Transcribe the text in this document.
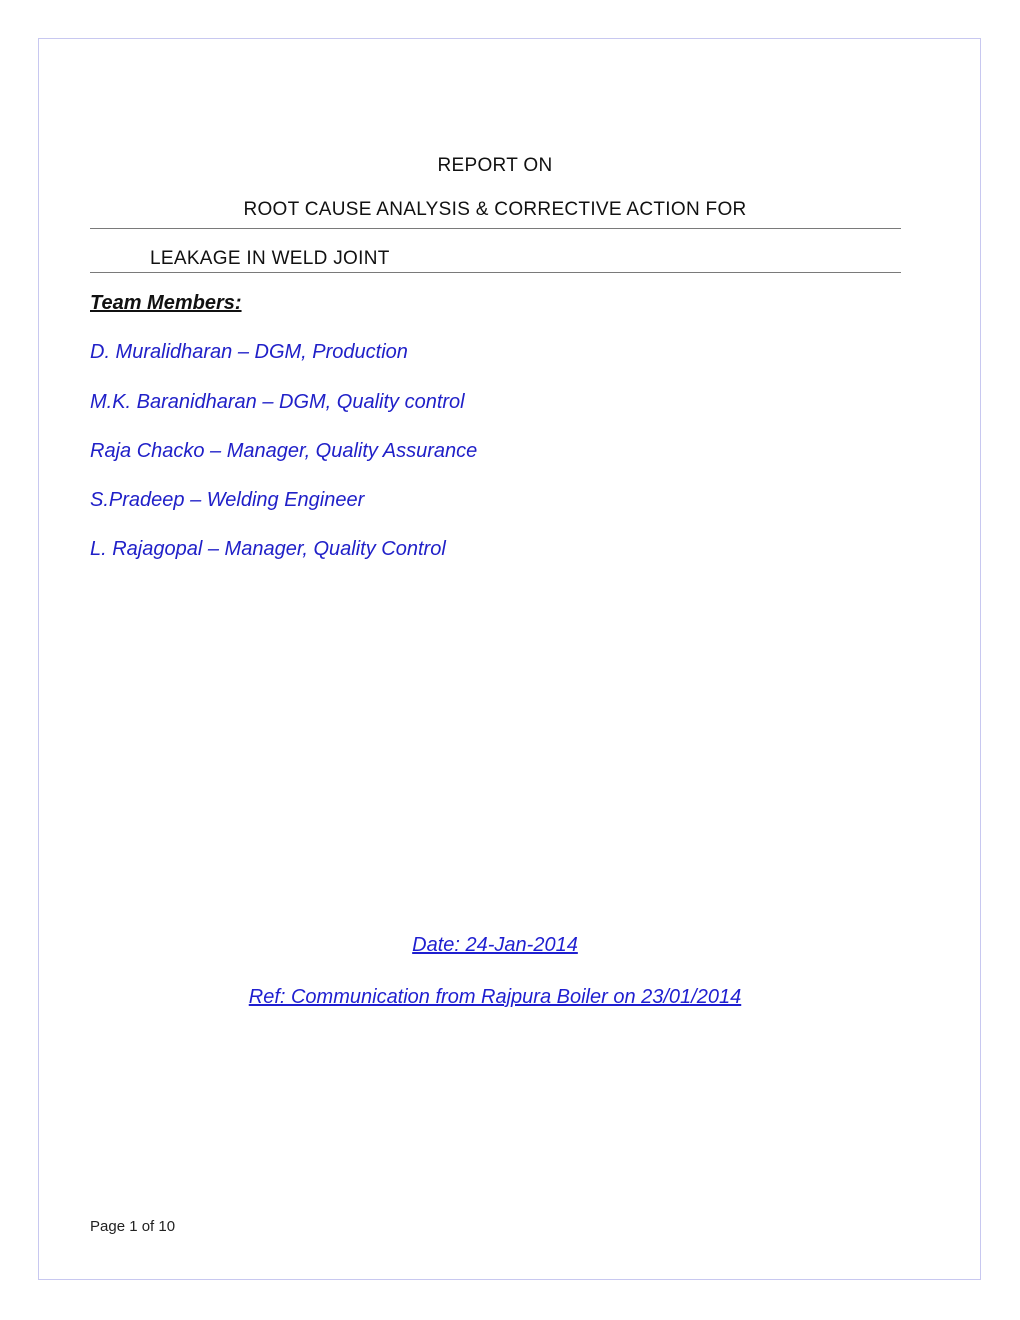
REPORT ON
ROOT CAUSE ANALYSIS & CORRECTIVE ACTION FOR
LEAKAGE IN WELD JOINT
Team Members:
D. Muralidharan – DGM, Production
M.K. Baranidharan – DGM, Quality control
Raja Chacko – Manager, Quality Assurance
S.Pradeep – Welding Engineer
L. Rajagopal – Manager, Quality Control
Date: 24-Jan-2014
Ref: Communication from Rajpura Boiler on 23/01/2014
Page 1 of 10
